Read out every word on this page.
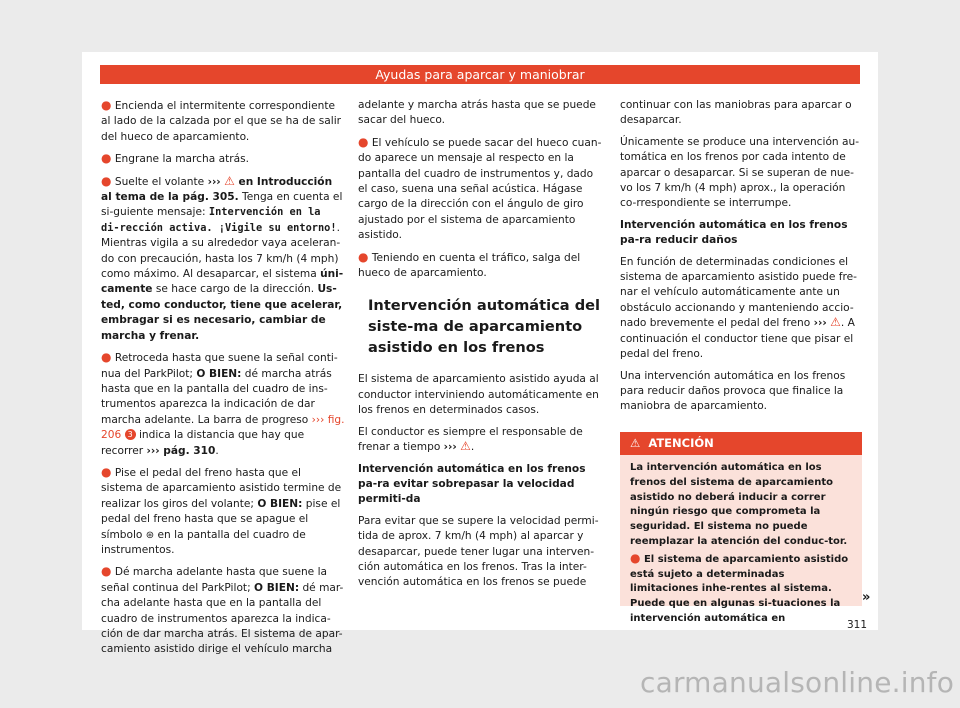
Ayudas para aparcar y maniobrar

● Encienda el intermitente correspondiente al lado de la calzada por el que se ha de salir del hueco de aparcamiento.

● Engrane la marcha atrás.

● Suelte el volante ››› ⚠ en Introducción al tema de la pág. 305. Tenga en cuenta el si-guiente mensaje: Intervención en la di-rección activa. ¡Vigile su entorno!. Mientras vigila a su alrededor vaya aceleran-do con precaución, hasta los 7 km/h (4 mph) como máximo. Al desaparcar, el sistema úni-camente se hace cargo de la dirección. Us-ted, como conductor, tiene que acelerar, embragar si es necesario, cambiar de marcha y frenar.

● Retroceda hasta que suene la señal conti-nua del ParkPilot; O BIEN: dé marcha atrás hasta que en la pantalla del cuadro de ins-trumentos aparezca la indicación de dar marcha adelante. La barra de progreso ››› fig. 206 3 indica la distancia que hay que recorrer ››› pág. 310.

● Pise el pedal del freno hasta que el sistema de aparcamiento asistido termine de realizar los giros del volante; O BIEN: pise el pedal del freno hasta que se apague el símbolo ⊛ en la pantalla del cuadro de instrumentos.

● Dé marcha adelante hasta que suene la señal continua del ParkPilot; O BIEN: dé mar-cha adelante hasta que en la pantalla del cuadro de instrumentos aparezca la indica-ción de dar marcha atrás. El sistema de apar-camiento asistido dirige el vehículo marcha

adelante y marcha atrás hasta que se puede sacar del hueco.

● El vehículo se puede sacar del hueco cuan-do aparece un mensaje al respecto en la pantalla del cuadro de instrumentos y, dado el caso, suena una señal acústica. Hágase cargo de la dirección con el ángulo de giro ajustado por el sistema de aparcamiento asistido.

● Teniendo en cuenta el tráfico, salga del hueco de aparcamiento.

Intervención automática del siste-ma de aparcamiento asistido en los frenos

El sistema de aparcamiento asistido ayuda al conductor interviniendo automáticamente en los frenos en determinados casos.

El conductor es siempre el responsable de frenar a tiempo ››› ⚠.

Intervención automática en los frenos pa-ra evitar sobrepasar la velocidad permiti-da

Para evitar que se supere la velocidad permi-tida de aprox. 7 km/h (4 mph) al aparcar y desaparcar, puede tener lugar una interven-ción automática en los frenos. Tras la inter-vención automática en los frenos se puede

continuar con las maniobras para aparcar o desaparcar.

Únicamente se produce una intervención au-tomática en los frenos por cada intento de aparcar o desaparcar. Si se superan de nue-vo los 7 km/h (4 mph) aprox., la operación co-rrespondiente se interrumpe.

Intervención automática en los frenos pa-ra reducir daños

En función de determinadas condiciones el sistema de aparcamiento asistido puede fre-nar el vehículo automáticamente ante un obstáculo accionando y manteniendo accio-nado brevemente el pedal del freno ››› ⚠. A continuación el conductor tiene que pisar el pedal del freno.

Una intervención automática en los frenos para reducir daños provoca que finalice la maniobra de aparcamiento.

⚠ ATENCIÓN

La intervención automática en los frenos del sistema de aparcamiento asistido no deberá inducir a correr ningún riesgo que comprometa la seguridad. El sistema no puede reemplazar la atención del conduc-tor.

● El sistema de aparcamiento asistido está sujeto a determinadas limitaciones inhe-rentes al sistema. Puede que en algunas si-tuaciones la intervención automática en

»
311
carmanualsonline.info
